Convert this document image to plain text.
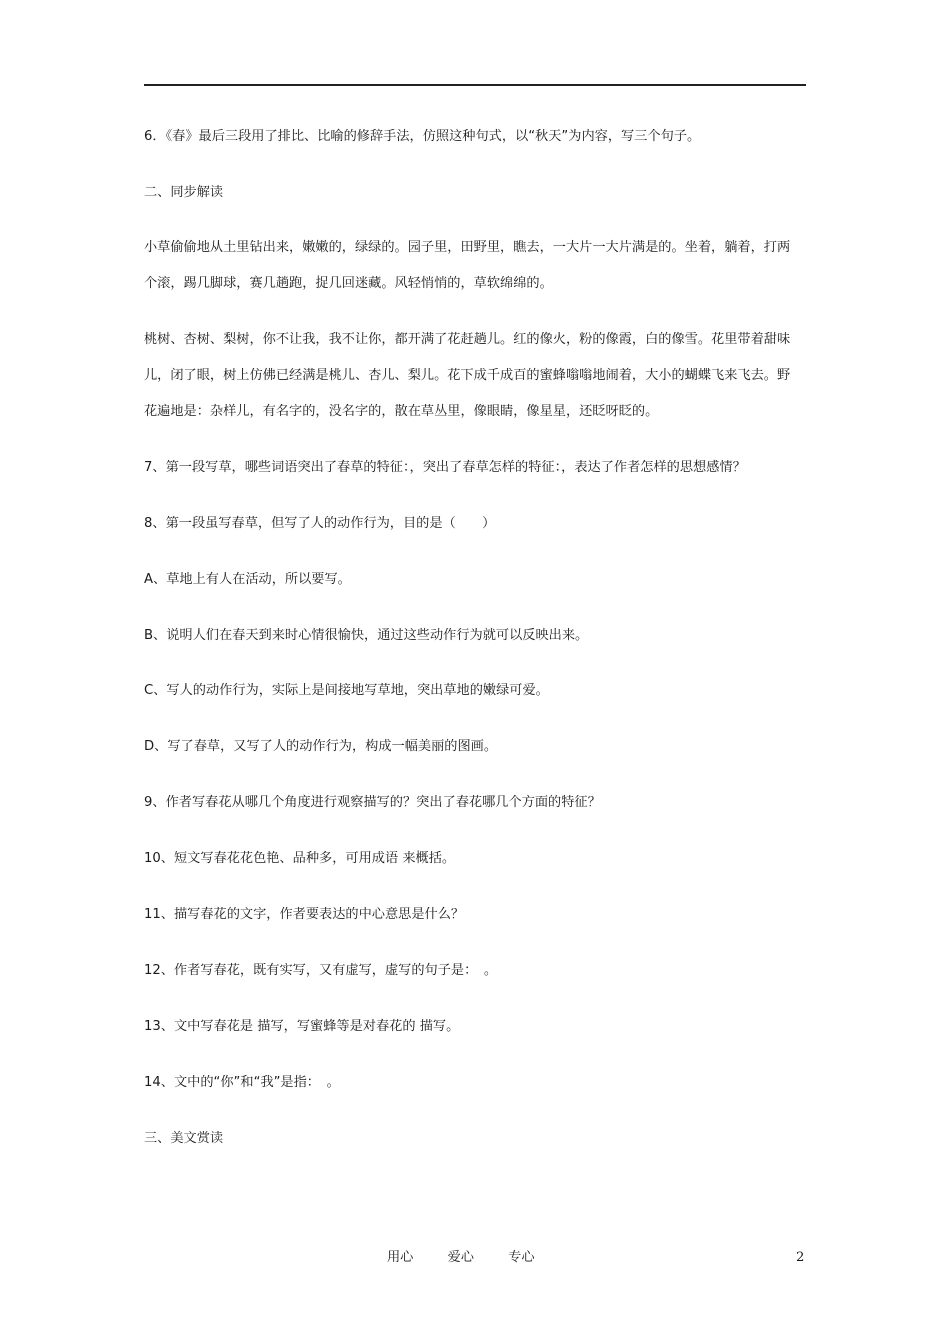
6．《春》最后三段用了排比、比喻的修辞手法，仿照这种句式，以“秋天”为内容，写三个句子。
二、同步解读
小草偷偷地从土里钻出来，嫩嫩的，绿绿的。园子里，田野里，瞧去，一大片一大片满是的。坐着，躺着，打两
个滚，踢几脚球，赛几趟跑，捉几回迷藏。风轻悄悄的，草软绵绵的。
桃树、杏树、梨树，你不让我，我不让你，都开满了花赶趟儿。红的像火，粉的像霞，白的像雪。花里带着甜味
儿，闭了眼，树上仿佛已经满是桃儿、杏儿、梨儿。花下成千成百的蜜蜂嗡嗡地闹着，大小的蝴蝶飞来飞去。野
花遍地是：杂样儿，有名字的，没名字的，散在草丛里，像眼睛，像星星，还眨呀眨的。
7、第一段写草，哪些词语突出了春草的特征：，突出了春草怎样的特征：，表达了作者怎样的思想感情？
8、第一段虽写春草，但写了人的动作行为，目的是（　　）
A、草地上有人在活动，所以要写。
B、说明人们在春天到来时心情很愉快，通过这些动作行为就可以反映出来。
C、写人的动作行为，实际上是间接地写草地，突出草地的嫩绿可爱。
D、写了春草，又写了人的动作行为，构成一幅美丽的图画。
9、作者写春花从哪几个角度进行观察描写的？突出了春花哪几个方面的特征？
10、短文写春花花色艳、品种多，可用成语 来概括。
11、描写春花的文字，作者要表达的中心意思是什么？
12、作者写春花，既有实写，又有虚写，虚写的句子是：　。
13、文中写春花是 描写，写蜜蜂等是对春花的 描写。
14、文中的“你”和“我”是指：　。
三、美文赏读
用心	爱心	专心	2
